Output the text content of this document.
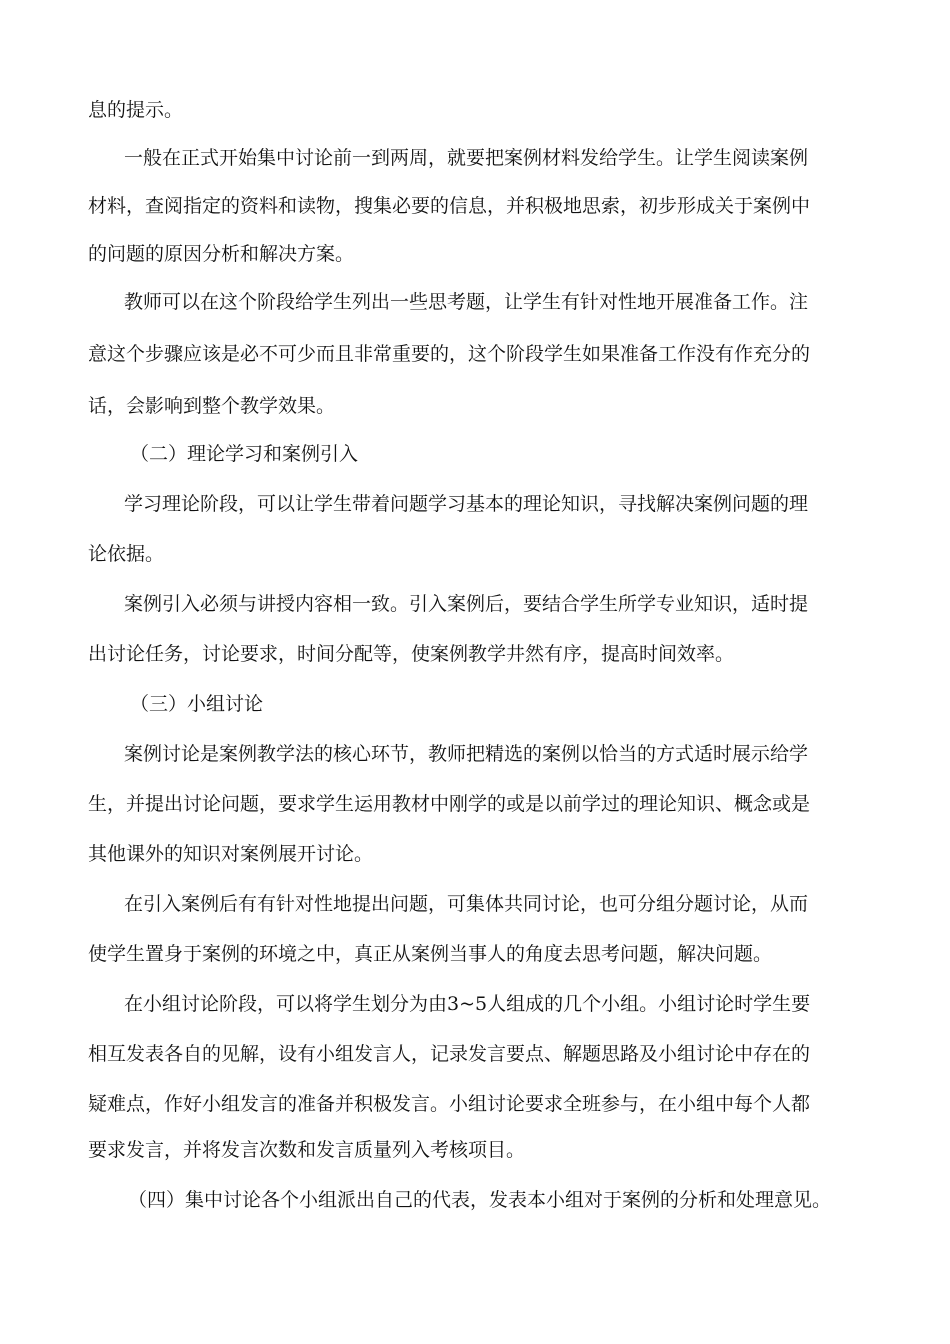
息的提示。
一般在正式开始集中讨论前一到两周，就要把案例材料发给学生。让学生阅读案例
材料，查阅指定的资料和读物，搜集必要的信息，并积极地思索，初步形成关于案例中
的问题的原因分析和解决方案。
教师可以在这个阶段给学生列出一些思考题，让学生有针对性地开展准备工作。注
意这个步骤应该是必不可少而且非常重要的，这个阶段学生如果准备工作没有作充分的
话，会影响到整个教学效果。
（二）理论学习和案例引入
学习理论阶段，可以让学生带着问题学习基本的理论知识，寻找解决案例问题的理
论依据。
案例引入必须与讲授内容相一致。引入案例后，要结合学生所学专业知识，适时提
出讨论任务，讨论要求，时间分配等，使案例教学井然有序，提高时间效率。
（三）小组讨论
案例讨论是案例教学法的核心环节，教师把精选的案例以恰当的方式适时展示给学
生，并提出讨论问题，要求学生运用教材中刚学的或是以前学过的理论知识、概念或是
其他课外的知识对案例展开讨论。
在引入案例后有有针对性地提出问题，可集体共同讨论，也可分组分题讨论，从而
使学生置身于案例的环境之中，真正从案例当事人的角度去思考问题，解决问题。
在小组讨论阶段，可以将学生划分为由3~5人组成的几个小组。小组讨论时学生要
相互发表各自的见解，设有小组发言人，记录发言要点、解题思路及小组讨论中存在的
疑难点，作好小组发言的准备并积极发言。小组讨论要求全班参与，在小组中每个人都
要求发言，并将发言次数和发言质量列入考核项目。
（四）集中讨论各个小组派出自己的代表，发表本小组对于案例的分析和处理意见。
